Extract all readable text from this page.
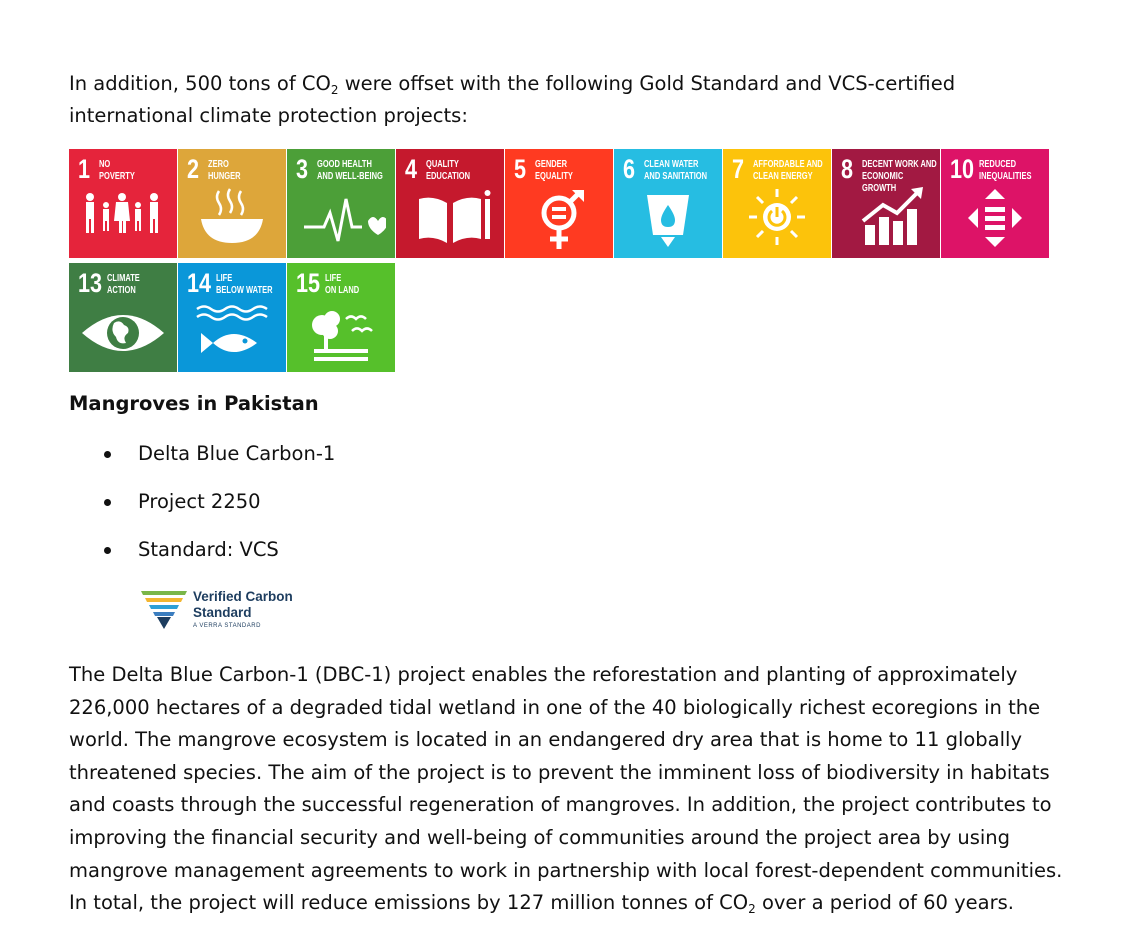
In addition, 500 tons of $CO_2$ were offset with the following Gold Standard and VCS-certified international climate protection projects:
1 NO
POVERTY	2 ZERO
HUNGER	3 GOOD HEALTH
AND WELL-BEING 4 QUALITY
EDUCATION	5 GENDER
EQUALITY	6 CLEAN WATER
AND SANITATION 7 AFFORDABLE AND
CLEAN ENERGY	8 DECENT WORK AND
ECONOMIC GROWTH
10 REDUCED
INEQUALITIES
13 CLIMATE
ACTION	14 LIFE
BELOW WATER 15 LIFE
ON LAND
Mangroves in Pakistan
Delta Blue Carbon-1
Project 2250
Standard: VCS
Verified Carbon
Standard
A VERRA STANDARD
The Delta Blue Carbon-1 (DBC-1) project enables the reforestation and planting of approximately 226,000 hectares of a degraded tidal wetland in one of the 40 biologically richest ecoregions in the world. The mangrove ecosystem is located in an endangered dry area that is home to 11 globally threatened species. The aim of the project is to prevent the imminent loss of biodiversity in habitats and coasts through the successful regeneration of mangroves. In addition, the project contributes to improving the financial security and well-being of communities around the project area by using mangrove management agreements to work in partnership with local forest-dependent communities. In total, the project will reduce emissions by 127 million tonnes of $CO_2$ over a period of 60 years.
